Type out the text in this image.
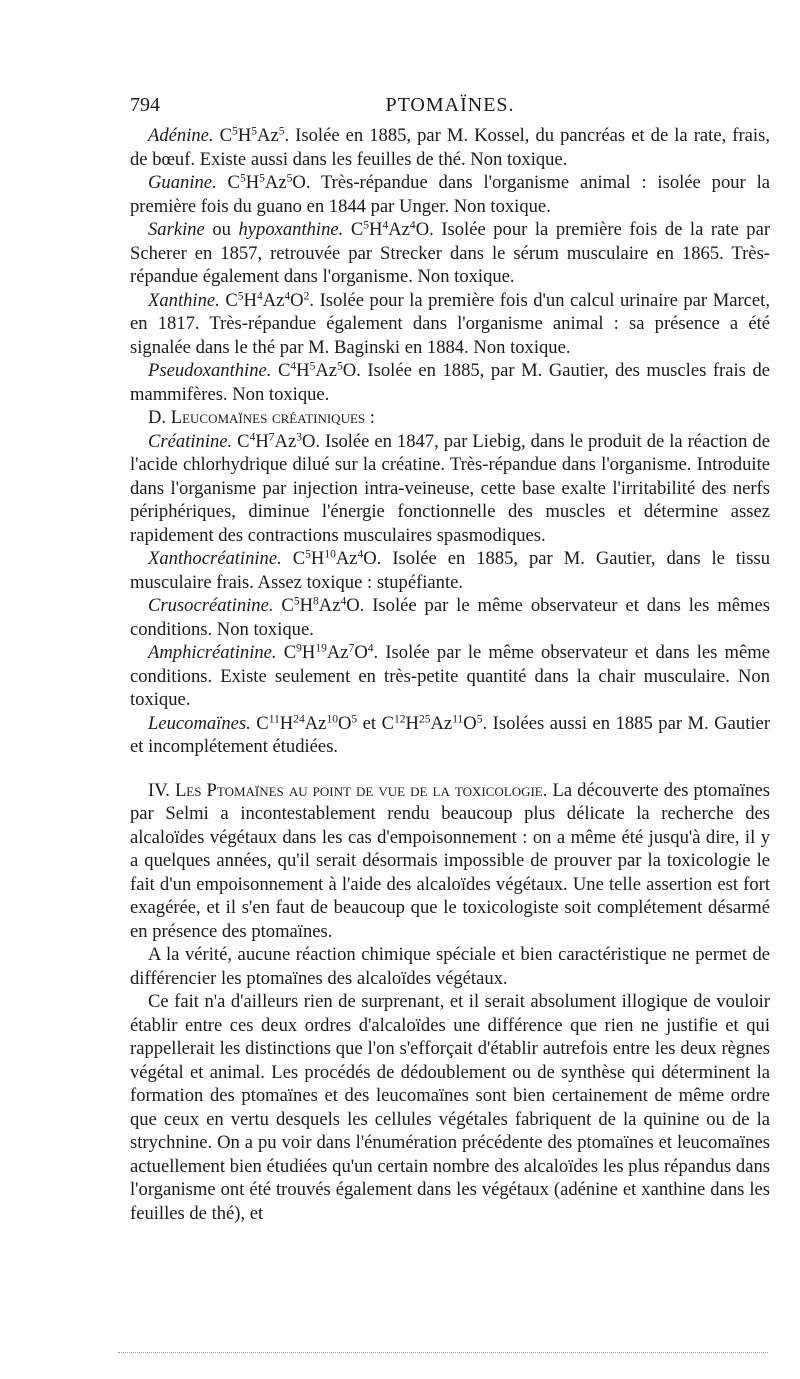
794	PTOMAÏNES.

Adénine. $C^5H^5Az^5$. Isolée en 1885, par M. Kossel, du pancréas et de la rate, frais, de bœuf. Existe aussi dans les feuilles de thé. Non toxique.

Guanine. $C^5H^5Az^5O$. Très-répandue dans l'organisme animal : isolée pour la première fois du guano en 1844 par Unger. Non toxique.

Sarkine ou hypoxanthine. $C^5H^4Az^4O$. Isolée pour la première fois de la rate par Scherer en 1857, retrouvée par Strecker dans le sérum musculaire en 1865. Très-répandue également dans l'organisme. Non toxique.

Xanthine. $C^5H^4Az^4O^2$. Isolée pour la première fois d'un calcul urinaire par Marcet, en 1817. Très-répandue également dans l'organisme animal : sa présence a été signalée dans le thé par M. Baginski en 1884. Non toxique.

Pseudoxanthine. $C^4H^5Az^5O$. Isolée en 1885, par M. Gautier, des muscles frais de mammifères. Non toxique.

D. Leucomaïnes créatiniques :

Créatinine. $C^4H^7Az^3O$. Isolée en 1847, par Liebig, dans le produit de la réaction de l'acide chlorhydrique dilué sur la créatine. Très-répandue dans l'organisme. Introduite dans l'organisme par injection intra-veineuse, cette base exalte l'irritabilité des nerfs périphériques, diminue l'énergie fonctionnelle des muscles et détermine assez rapidement des contractions musculaires spasmodiques.

Xanthocréatinine. $C^5H^{10}Az^4O$. Isolée en 1885, par M. Gautier, dans le tissu musculaire frais. Assez toxique : stupéfiante.

Crusocréatinine. $C^5H^8Az^4O$. Isolée par le même observateur et dans les mêmes conditions. Non toxique.

Amphicréatinine. $C^9H^{19}Az^7O^4$. Isolée par le même observateur et dans les même conditions. Existe seulement en très-petite quantité dans la chair musculaire. Non toxique.

Leucomaïnes. $C^{11}H^{24}Az^{10}O^5$ et $C^{12}H^{25}Az^{11}O^5$. Isolées aussi en 1885 par M. Gautier et incomplétement étudiées.

IV. Les Ptomaïnes au point de vue de la toxicologie. La découverte des ptomaïnes par Selmi a incontestablement rendu beaucoup plus délicate la recherche des alcaloïdes végétaux dans les cas d'empoisonnement : on a même été jusqu'à dire, il y a quelques années, qu'il serait désormais impossible de prouver par la toxicologie le fait d'un empoisonnement à l'aide des alcaloïdes végétaux. Une telle assertion est fort exagérée, et il s'en faut de beaucoup que le toxicologiste soit complétement désarmé en présence des ptomaïnes.

A la vérité, aucune réaction chimique spéciale et bien caractéristique ne permet de différencier les ptomaïnes des alcaloïdes végétaux.

Ce fait n'a d'ailleurs rien de surprenant, et il serait absolument illogique de vouloir établir entre ces deux ordres d'alcaloïdes une différence que rien ne justifie et qui rappellerait les distinctions que l'on s'efforçait d'établir autrefois entre les deux règnes végétal et animal. Les procédés de dédoublement ou de synthèse qui déterminent la formation des ptomaïnes et des leucomaïnes sont bien certainement de même ordre que ceux en vertu desquels les cellules végétales fabriquent de la quinine ou de la strychnine. On a pu voir dans l'énumération précédente des ptomaïnes et leucomaïnes actuellement bien étudiées qu'un certain nombre des alcaloïdes les plus répandus dans l'organisme ont été trouvés également dans les végétaux (adénine et xanthine dans les feuilles de thé), et
